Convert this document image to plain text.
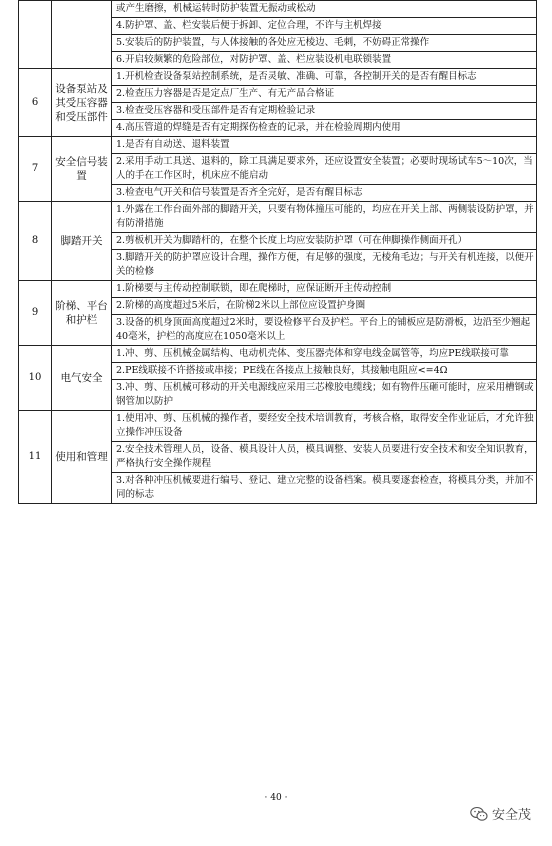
		或产生磨擦，机械运转时防护装置无振动或松动
		4.防护罩、盖、栏安装后便于拆卸、定位合理，不许与主机焊接
		5.安装后的防护装置，与人体接触的各处应无棱边、毛刺，不妨碍正常操作
		6.开启较频繁的危险部位，对防护罩、盖、栏应装设机电联锁装置
6	设备泵站及其受压容器和受压部件	1.开机检查设备泵站控制系统，是否灵敏、准确、可靠，各控制开关的是否有醒目标志
		2.检查压力容器是否是定点厂生产、有无产品合格证
		3.检查受压容器和受压部件是否有定期检验记录
		4.高压管道的焊缝是否有定期探伤检查的记录，并在检验周期内使用
7	安全信号装置	1.是否有自动送、退料装置
		2.采用手动工具送、退料的，除工具满足要求外，还应设置安全装置；必要时现场试车5～10次，当人的手在工作区时，机床应不能启动
		3.检查电气开关和信号装置是否齐全完好，是否有醒目标志
8	脚踏开关	1.外露在工作台面外部的脚踏开关，只要有物体撞压可能的，均应在开关上部、两侧装设防护罩，并有防滑措施
		2.剪板机开关为脚踏杆的，在整个长度上均应安装防护罩（可在伸脚操作侧面开孔）
		3.脚踏开关的防护罩应设计合理，操作方便，有足够的强度，无棱角毛边；与开关有机连接，以便开关的检修
9	阶梯、平台和护栏	1.阶梯要与主传动控制联锁，即在爬梯时，应保证断开主传动控制
		2.阶梯的高度超过5米后，在阶梯2米以上部位应设置护身圈
		3.设备的机身顶面高度超过2米时，要设检修平台及护栏。平台上的铺板应是防滑板，边沿至少翘起40毫米，护栏的高度应在1050毫米以上
10	电气安全	1.冲、剪、压机械金属结构、电动机壳体、变压器壳体和穿电线金属管等，均应PE线联接可靠
		2.PE线联接不许搭接或串接；PE线在各接点上接触良好，其接触电阻应<=4Ω
		3.冲、剪、压机械可移动的开关电源线应采用三芯橡胶电缆线；如有物件压砸可能时，应采用槽钢或钢管加以防护
11	使用和管理	1.使用冲、剪、压机械的操作者，要经安全技术培训教育，考核合格，取得安全作业证后，才允许独立操作冲压设备
		2.安全技术管理人员，设备、模具设计人员，模具调整、安装人员要进行安全技术和安全知识教育，严格执行安全操作规程
		3.对各种冲压机械要进行编号、登记、建立完整的设备档案。模具要逐套检查，将模具分类，并加不同的标志
· 40 ·
安全茂
